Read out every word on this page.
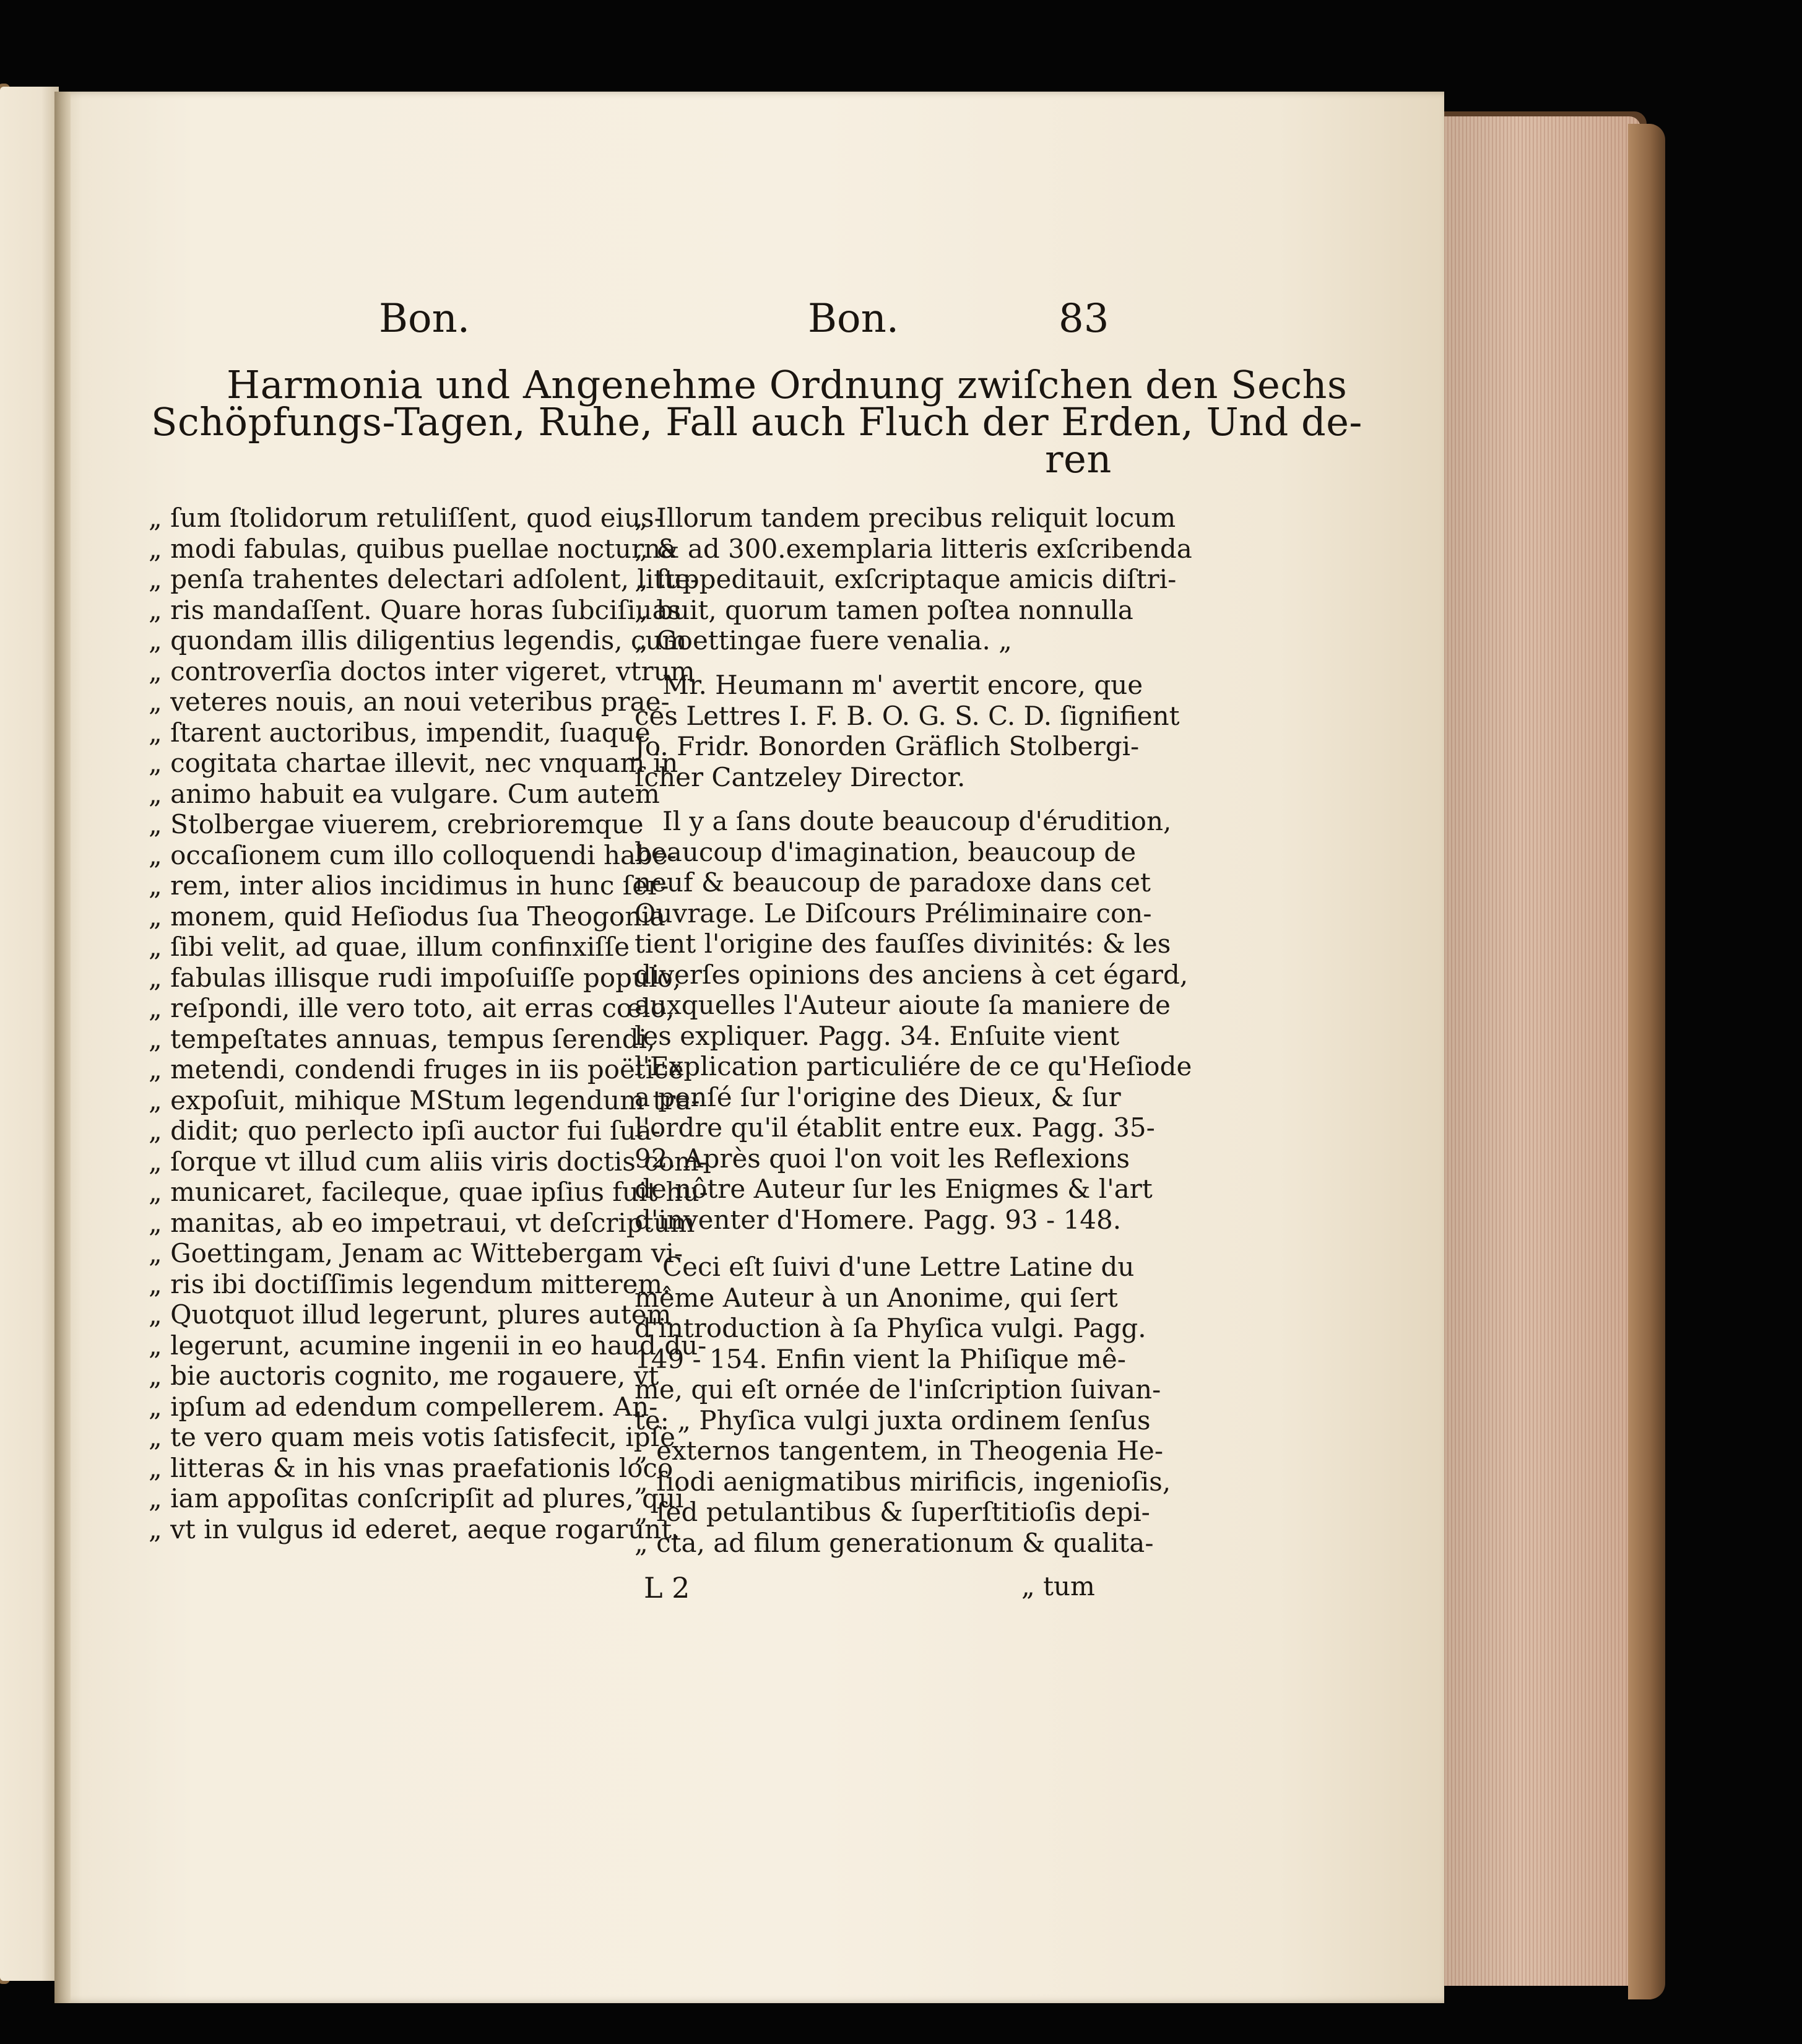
Bon.	Bon.	83
Harmonia und Angenehme Ordnung zwiſchen den Sechs
Schöpfungs-Tagen, Ruhe, Fall auch Fluch der Erden, Und de-
ren
„ ſum ſtolidorum retuliſſent, quod eius-
„ modi fabulas, quibus puellae nocturna
„ penſa trahentes delectari adſolent, litte-
„ ris mandaſſent. Quare horas ſubciſiuas
„ quondam illis diligentius legendis, cum
„ controverſia doctos inter vigeret, vtrum
„ veteres nouis, an noui veteribus prae-
„ ſtarent auctoribus, impendit, ſuaque
„ cogitata chartae illevit, nec vnquam in
„ animo habuit ea vulgare. Cum autem
„ Stolbergae viuerem, crebrioremque
„ occaſionem cum illo colloquendi habe-
„ rem, inter alios incidimus in hunc ſer-
„ monem, quid Heſiodus ſua Theogonia
„ ſibi velit, ad quae, illum confinxiſſe
„ fabulas illisque rudi impoſuiſſe populo,
„ reſpondi, ille vero toto, ait erras cœlo,
„ tempeſtates annuas, tempus ſerendi,
„ metendi, condendi fruges in iis poëtice
„ expoſuit, mihique MStum legendum tra-
„ didit; quo perlecto ipſi auctor fui ſua-
„ ſorque vt illud cum aliis viris doctis com-
„ municaret, facileque, quae ipſius fuit hu-
„ manitas, ab eo impetraui, vt deſcriptum
„ Goettingam, Jenam ac Wittebergam vi-
„ ris ibi doctiſſimis legendum mitterem.
„ Quotquot illud legerunt, plures autem
„ legerunt, acumine ingenii in eo haud du-
„ bie auctoris cognito, me rogauere, vt
„ ipſum ad edendum compellerem. An-
„ te vero quam meis votis ſatisfecit, ipſe
„ litteras & in his vnas praefationis loco
„ iam appoſitas conſcripſit ad plures, qui
„ vt in vulgus id ederet, aeque rogarunt.
„ Illorum tandem precibus reliquit locum
„ & ad 300.exemplaria litteris exſcribenda
„ ſuppeditauit, exſcriptaque amicis diſtri-
„ buit, quorum tamen poſtea nonnulla
„ Goettingae fuere venalia. „
Mr. Heumann m' avertit encore, que
ces Lettres I. F. B. O. G. S. C. D. ſignifient
Jo. Fridr. Bonorden Gräflich Stolbergi-
ſcher Cantzeley Director.
Il y a ſans doute beaucoup d'érudition,
beaucoup d'imagination, beaucoup de
neuf & beaucoup de paradoxe dans cet
Ouvrage. Le Diſcours Préliminaire con-
tient l'origine des fauſſes divinités: & les
diverſes opinions des anciens à cet égard,
auxquelles l'Auteur aioute ſa maniere de
les expliquer. Pagg. 34. Enſuite vient
l'Explication particuliére de ce qu'Heſiode
a penſé ſur l'origine des Dieux, & ſur
l'ordre qu'il établit entre eux. Pagg. 35-
92. Après quoi l'on voit les Reflexions
de nôtre Auteur ſur les Enigmes & l'art
d'inventer d'Homere. Pagg. 93 - 148.
Ceci eſt ſuivi d'une Lettre Latine du
même Auteur à un Anonime, qui ſert
d'introduction à ſa Phyſica vulgi. Pagg.
149 - 154. Enfin vient la Phiſique mê-
me, qui eſt ornée de l'inſcription ſuivan-
te: „ Phyſica vulgi juxta ordinem ſenſus
„ externos tangentem, in Theogenia He-
„ ſiodi aenigmatibus mirificis, ingenioſis,
„ ſed petulantibus & ſuperſtitioſis depi-
„ cta, ad filum generationum & qualita-
L 2	„ tum
